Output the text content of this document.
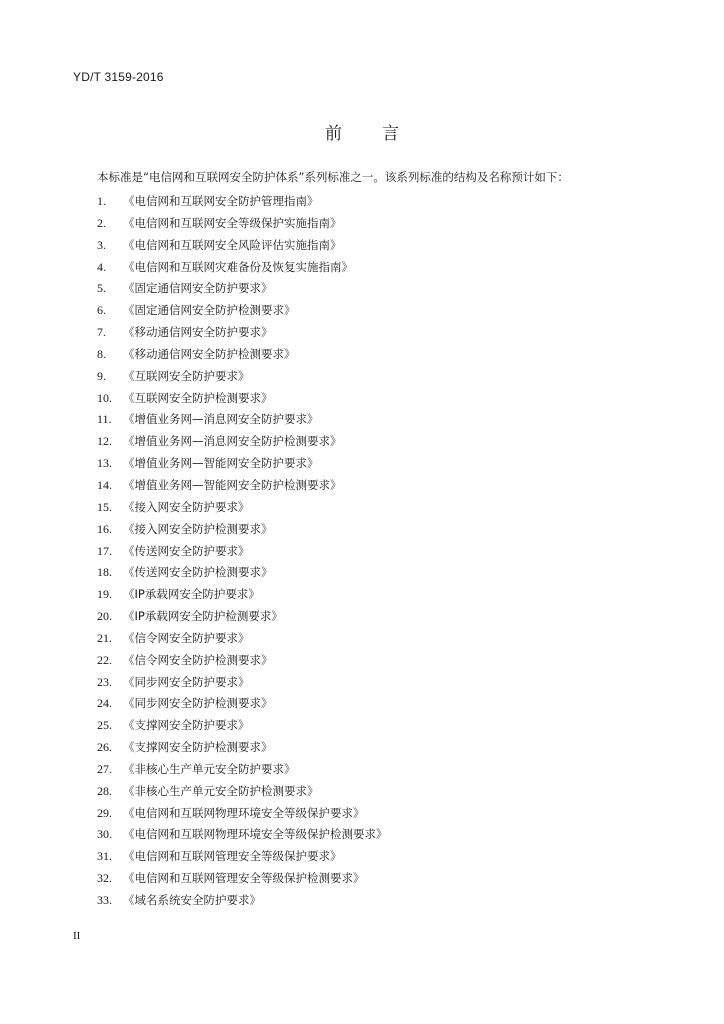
YD/T 3159-2016
前言
本标准是“电信网和互联网安全防护体系”系列标准之一。该系列标准的结构及名称预计如下：
1.	《电信网和互联网安全防护管理指南》
2.	《电信网和互联网安全等级保护实施指南》
3.	《电信网和互联网安全风险评估实施指南》
4.	《电信网和互联网灾难备份及恢复实施指南》
5.	《固定通信网安全防护要求》
6.	《固定通信网安全防护检测要求》
7.	《移动通信网安全防护要求》
8.	《移动通信网安全防护检测要求》
9.	《互联网安全防护要求》
10. 《互联网安全防护检测要求》
11. 《增值业务网—消息网安全防护要求》
12. 《增值业务网—消息网安全防护检测要求》
13. 《增值业务网—智能网安全防护要求》
14. 《增值业务网—智能网安全防护检测要求》
15. 《接入网安全防护要求》
16. 《接入网安全防护检测要求》
17. 《传送网安全防护要求》
18. 《传送网安全防护检测要求》
19. 《IP承载网安全防护要求》
20. 《IP承载网安全防护检测要求》
21. 《信令网安全防护要求》
22. 《信令网安全防护检测要求》
23. 《同步网安全防护要求》
24. 《同步网安全防护检测要求》
25. 《支撑网安全防护要求》
26. 《支撑网安全防护检测要求》
27. 《非核心生产单元安全防护要求》
28. 《非核心生产单元安全防护检测要求》
29. 《电信网和互联网物理环境安全等级保护要求》
30. 《电信网和互联网物理环境安全等级保护检测要求》
31. 《电信网和互联网管理安全等级保护要求》
32. 《电信网和互联网管理安全等级保护检测要求》
33. 《域名系统安全防护要求》
II
